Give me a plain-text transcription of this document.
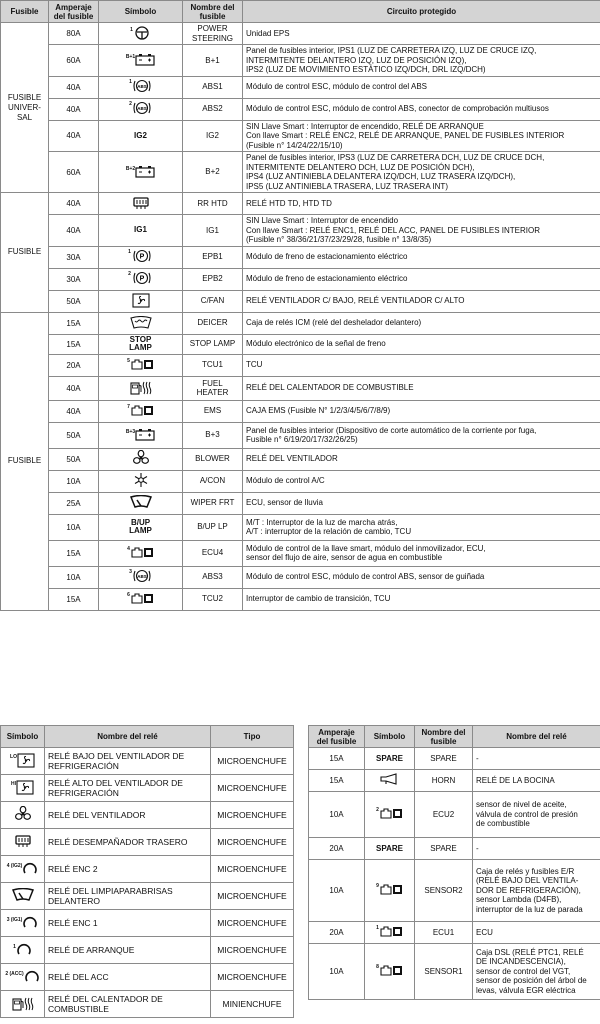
Fusible	Amperaje del fusible	Símbolo	Nombre del fusible	Circuito protegido
FUSIBLE
UNIVER-
SAL	80A	$^1$	POWER
STEERING	Unidad EPS
	60A	$^{B+1}$	B+1	Panel de fusibles interior, IPS1 (LUZ DE CARRETERA IZQ, LUZ DE CRUCE IZQ,
INTERMITENTE DELANTERO IZQ, LUZ DE POSICIÓN IZQ),
IPS2 (LUZ DE MOVIMIENTO ESTÁTICO IZQ/DCH, DRL IZQ/DCH)
	40A	$^1$
ABS	ABS1	Módulo de control ESC, módulo de control del ABS
	40A	$^2$
ABS	ABS2	Módulo de control ESC, módulo de control ABS, conector de comprobación multiusos
	40A	IG2	IG2	SIN Llave Smart : Interruptor de encendido, RELÉ DE ARRANQUE
Con llave Smart : RELÉ ENC2, RELÉ DE ARRANQUE, PANEL DE FUSIBLES INTERIOR
(Fusible n° 14/24/22/15/10)
	60A	$^{B+2}$	B+2	Panel de fusibles interior, IPS3 (LUZ DE CARRETERA DCH, LUZ DE CRUCE DCH,
INTERMITENTE DELANTERO DCH, LUZ DE POSICIÓN DCH),
IPS4 (LUZ ANTINIEBLA DELANTERA IZQ/DCH, LUZ TRASERA IZQ/DCH),
IPS5 (LUZ ANTINIEBLA TRASERA, LUZ TRASERA INT)
FUSIBLE	40A		RR HTD	RELÉ HTD TD, HTD TD
	40A	IG1	IG1	SIN Llave Smart : Interruptor de encendido
Con llave Smart : RELÉ ENC1, RELÉ DEL ACC, PANEL DE FUSIBLES INTERIOR
(Fusible n° 38/36/21/37/23/29/28, fusible n° 13/8/35)
	30A	$^1$
P	EPB1	Módulo de freno de estacionamiento eléctrico
	30A	$^2$
P	EPB2	Módulo de freno de estacionamiento eléctrico
	50A		C/FAN	RELÉ VENTILADOR C/ BAJO, RELÉ VENTILADOR C/ ALTO
FUSIBLE	15A		DEICER	Caja de relés ICM (relé del deshelador delantero)
	15A	STOP
LAMP	STOP LAMP	Módulo electrónico de la señal de freno
	20A	$^5$	TCU1	TCU
	40A		FUEL
HEATER	RELÉ DEL CALENTADOR DE COMBUSTIBLE
	40A	$^7$	EMS	CAJA EMS (Fusible N° 1/2/3/4/5/6/7/8/9)
	50A	$^{B+3}$	B+3	Panel de fusibles interior (Dispositivo de corte automático de la corriente por fuga,
Fusible n° 6/19/20/17/32/26/25)
	50A		BLOWER	RELÉ DEL VENTILADOR
	10A		A/CON	Módulo de control A/C
	25A		WIPER FRT	ECU, sensor de lluvia
	10A	B/UP
LAMP	B/UP LP	M/T : Interruptor de la luz de marcha atrás,
A/T : interruptor de la relación de cambio, TCU
	15A	$^4$	ECU4	Módulo de control de la llave smart, módulo del inmovilizador, ECU,
sensor del flujo de aire, sensor de agua en combustible
	10A	$^3$
ABS	ABS3	Módulo de control ESC, módulo de control ABS, sensor de guiñada
	15A	$^6$	TCU2	Interruptor de cambio de transición, TCU
Símbolo	Nombre del relé	Tipo
$^{LO}$	RELÉ BAJO DEL VENTILADOR DE
REFRIGERACIÓN	MICROENCHUFE
$^{HI}$	RELÉ ALTO DEL VENTILADOR DE
REFRIGERACIÓN	MICROENCHUFE
	RELÉ DEL VENTILADOR	MICROENCHUFE
	RELÉ DESEMPAÑADOR TRASERO	MICROENCHUFE
$^{4 (IG2)}$	RELÉ ENC 2	MICROENCHUFE
	RELÉ DEL LIMPIAPARABRISAS
DELANTERO	MICROENCHUFE
$^{3 (IG1)}$	RELÉ ENC 1	MICROENCHUFE
$^1$	RELÉ DE ARRANQUE	MICROENCHUFE
$^{2 (ACC)}$	RELÉ DEL ACC	MICROENCHUFE
	RELÉ DEL CALENTADOR DE
COMBUSTIBLE	MINIENCHUFE
Amperaje del fusible	Símbolo	Nombre del fusible	Nombre del relé
15A	SPARE	SPARE	-
15A		HORN	RELÉ DE LA BOCINA
10A	$^2$	ECU2	sensor de nivel de aceite,
válvula de control de presión
de combustible
20A	SPARE	SPARE	-
10A	$^9$	SENSOR2	Caja de relés y fusibles E/R
(RELÉ BAJO DEL VENTILA-
DOR DE REFRIGERACIÓN),
sensor Lambda (D4FB),
interruptor de la luz de parada
20A	$^1$	ECU1	ECU
10A	$^8$	SENSOR1	Caja DSL (RELÉ PTC1, RELÉ
DE INCANDESCENCIA),
sensor de control del VGT,
sensor de posición del árbol de
levas, válvula EGR eléctrica
